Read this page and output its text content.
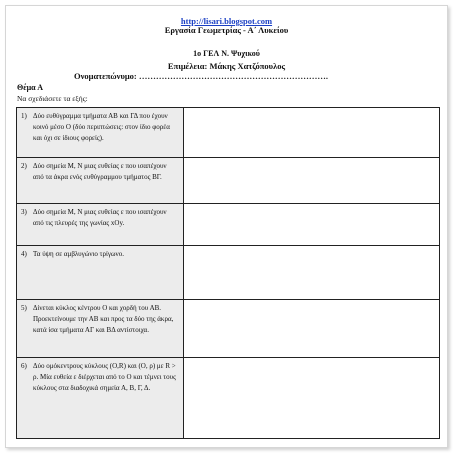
http://lisari.blogspot.com
Εργασία Γεωμετρίας - Α΄ Λυκείου
1ο ΓΕΛ Ν. Ψυχικού
Επιμέλεια: Μάκης Χατζόπουλος
Ονοματεπώνυμο: ………………………………………………………….
Θέμα Α
Να σχεδιάσετε τα εξής:
1) Δύο ευθύγραμμα τμήματα ΑΒ και ΓΔ που έχουν κοινό μέσο Ο (δύο περιπτώσεις: στον ίδιο φορέα και όχι σε ίδιους φορείς).	

2) Δύο σημεία Μ, Ν μιας ευθείας ε που ισαπέχουν από τα άκρα ενός ευθύγραμμου τμήματος ΒΓ.	

3) Δύο σημεία Μ, Ν μιας ευθείας ε που ισαπέχουν από τις πλευρές της γωνίας xOy.	

4) Τα ύψη σε αμβλυγώνιο τρίγωνο.	

5) Δίνεται κύκλος κέντρου Ο και χορδή του ΑΒ. Προεκτείνουμε την ΑΒ και προς τα δύο της άκρα, κατά ίσα τμήματα ΑΓ και ΒΔ αντίστοιχα.	

6) Δύο ομόκεντρους κύκλους (Ο,R) και (O, ρ) με R > ρ. Μία ευθεία ε διέρχεται από το Ο και τέμνει τους κύκλους στα διαδοχικά σημεία Α, Β, Γ, Δ.	
